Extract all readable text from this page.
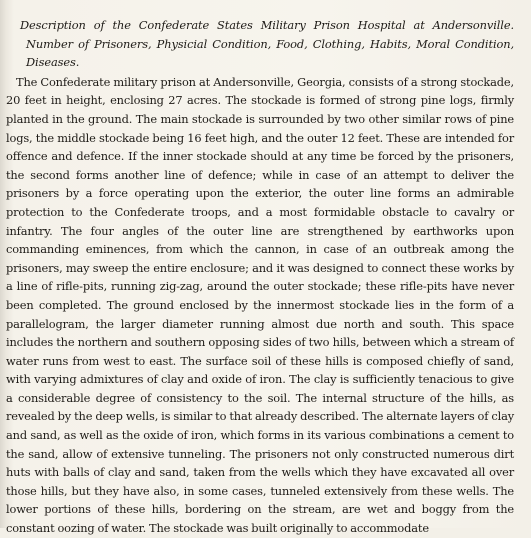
Description of the Confederate States Military Prison Hospital at Andersonville. Number of Prisoners, Physicial Condition, Food, Clothing, Habits, Moral Condition, Diseases.

The Confederate military prison at Andersonville, Georgia, consists of a strong stockade, 20 feet in height, enclosing 27 acres. The stockade is formed of strong pine logs, firmly planted in the ground. The main stockade is surrounded by two other similar rows of pine logs, the middle stockade being 16 feet high, and the outer 12 feet. These are intended for offence and defence. If the inner stockade should at any time be forced by the prisoners, the second forms another line of defence; while in case of an attempt to deliver the prisoners by a force operating upon the exterior, the outer line forms an admirable protection to the Confederate troops, and a most formidable obstacle to cavalry or infantry. The four angles of the outer line are strengthened by earthworks upon commanding eminences, from which the cannon, in case of an outbreak among the prisoners, may sweep the entire enclosure; and it was designed to connect these works by a line of rifle-pits, running zig-zag, around the outer stockade; these rifle-pits have never been completed. The ground enclosed by the innermost stockade lies in the form of a parallelogram, the larger diameter running almost due north and south. This space includes the northern and southern opposing sides of two hills, between which a stream of water runs from west to east. The surface soil of these hills is composed chiefly of sand, with varying admixtures of clay and oxide of iron. The clay is sufficiently tenacious to give a considerable degree of consistency to the soil. The internal structure of the hills, as revealed by the deep wells, is similar to that already described. The alternate layers of clay and sand, as well as the oxide of iron, which forms in its various combinations a cement to the sand, allow of extensive tunneling. The prisoners not only constructed numerous dirt huts with balls of clay and sand, taken from the wells which they have excavated all over those hills, but they have also, in some cases, tunneled extensively from these wells. The lower portions of these hills, bordering on the stream, are wet and boggy from the constant oozing of water. The stockade was built originally to accommodate
